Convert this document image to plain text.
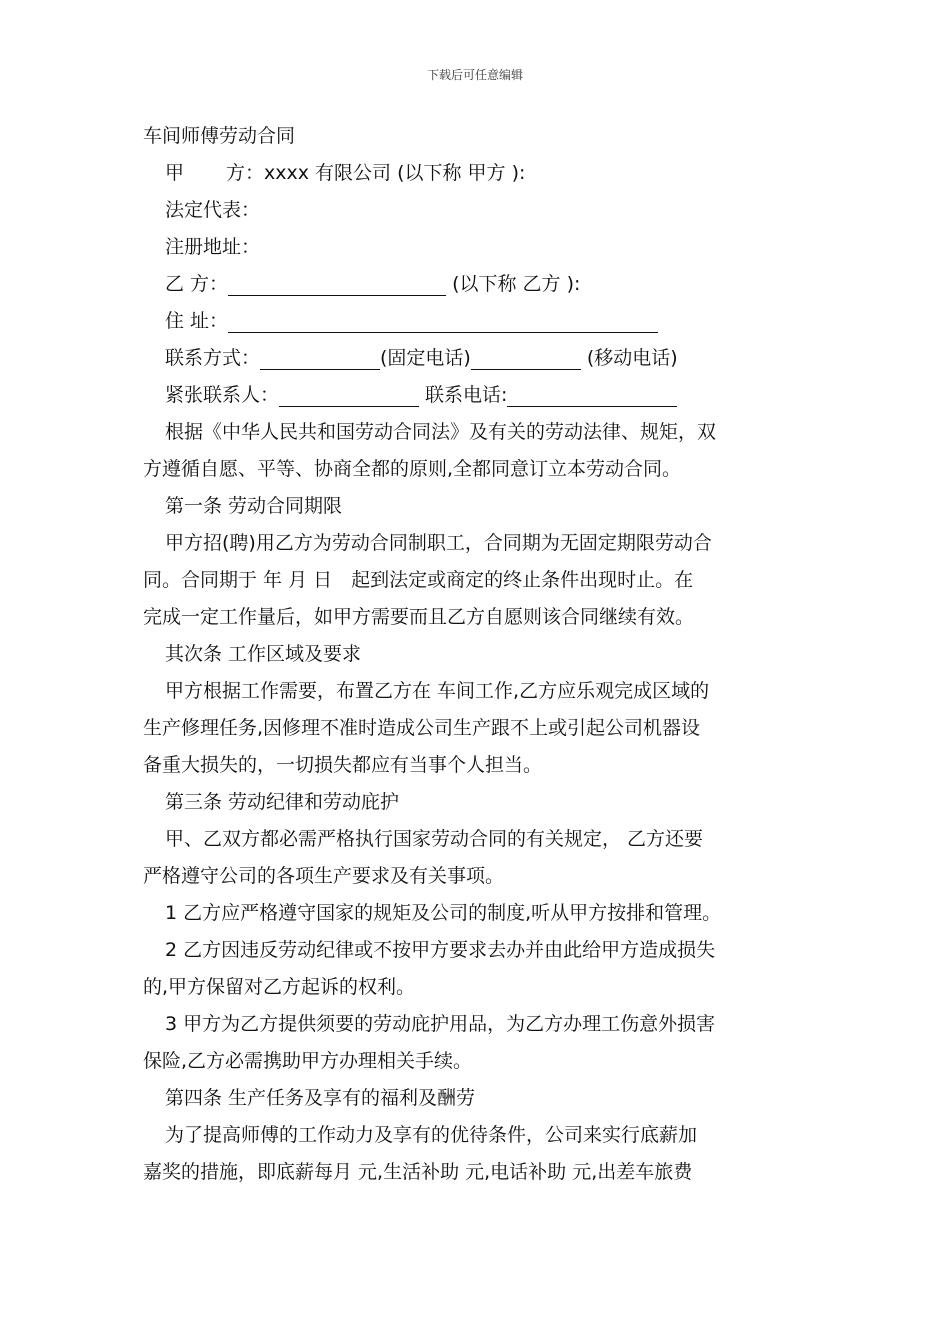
下载后可任意编辑
车间师傅劳动合同
甲 方：xxxx 有限公司 (以下称 甲方 ):
法定代表：
注册地址：
乙 方：	(以下称 乙方 ):
住 址：
联系方式：	(固定电话)	(移动电话)
紧张联系人：	联系电话:
根据《中华人民共和国劳动合同法》及有关的劳动法律、规矩，双
方遵循自愿、平等、协商全都的原则,全都同意订立本劳动合同。
第一条 劳动合同期限
甲方招(聘)用乙方为劳动合同制职工，合同期为无固定期限劳动合
同。合同期于 年 月 日　起到法定或商定的终止条件出现时止。在
完成一定工作量后，如甲方需要而且乙方自愿则该合同继续有效。
其次条 工作区域及要求
甲方根据工作需要，布置乙方在 车间工作,乙方应乐观完成区域的
生产修理任务,因修理不准时造成公司生产跟不上或引起公司机器设
备重大损失的，一切损失都应有当事个人担当。
第三条 劳动纪律和劳动庇护
甲、乙双方都必需严格执行国家劳动合同的有关规定， 乙方还要
严格遵守公司的各项生产要求及有关事项。
1 乙方应严格遵守国家的规矩及公司的制度,听从甲方按排和管理。
2 乙方因违反劳动纪律或不按甲方要求去办并由此给甲方造成损失
的,甲方保留对乙方起诉的权利。
3 甲方为乙方提供须要的劳动庇护用品，为乙方办理工伤意外损害
保险,乙方必需携助甲方办理相关手续。
第四条 生产任务及享有的福利及酬劳
为了提高师傅的工作动力及享有的优待条件，公司来实行底薪加
嘉奖的措施，即底薪每月 元,生活补助 元,电话补助 元,出差车旅费
